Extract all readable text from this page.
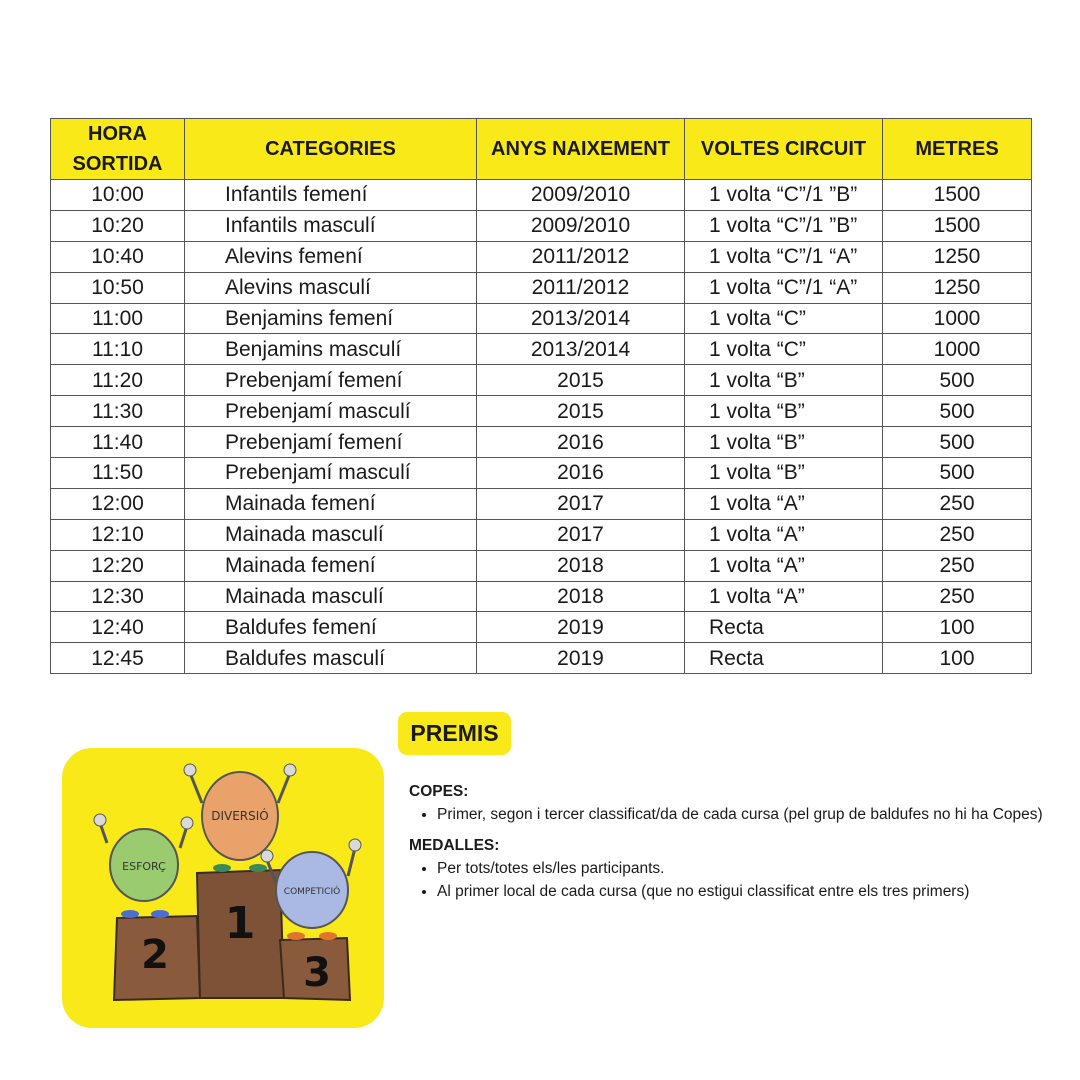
HORA SORTIDA	CATEGORIES	ANYS NAIXEMENT	VOLTES CIRCUIT	METRES
10:00	Infantils femení	2009/2010	1 volta “C”/1 ”B”	1500
10:20	Infantils masculí	2009/2010	1 volta “C”/1 ”B”	1500
10:40	Alevins femení	2011/2012	1 volta “C”/1 “A”	1250
10:50	Alevins masculí	2011/2012	1 volta “C”/1 “A”	1250
11:00	Benjamins femení	2013/2014	1 volta “C”	1000
11:10	Benjamins masculí	2013/2014	1 volta “C”	1000
11:20	Prebenjamí femení	2015	1 volta “B”	500
11:30	Prebenjamí masculí	2015	1 volta “B”	500
11:40	Prebenjamí femení	2016	1 volta “B”	500
11:50	Prebenjamí masculí	2016	1 volta “B”	500
12:00	Mainada femení	2017	1 volta “A”	250
12:10	Mainada masculí	2017	1 volta “A”	250
12:20	Mainada femení	2018	1 volta “A”	250
12:30	Mainada masculí	2018	1 volta “A”	250
12:40	Baldufes femení	2019	Recta	100
12:45	Baldufes masculí	2019	Recta	100
DIVERSIÓ
ESFORÇ
COMPETICIÓ
1
2	3
PREMIS
COPES:
• Primer, segon i tercer classificat/da de cada cursa (pel grup de baldufes no hi ha Copes)
MEDALLES:
• Per tots/totes els/les participants.
• Al primer local de cada cursa (que no estigui classificat entre els tres primers)
